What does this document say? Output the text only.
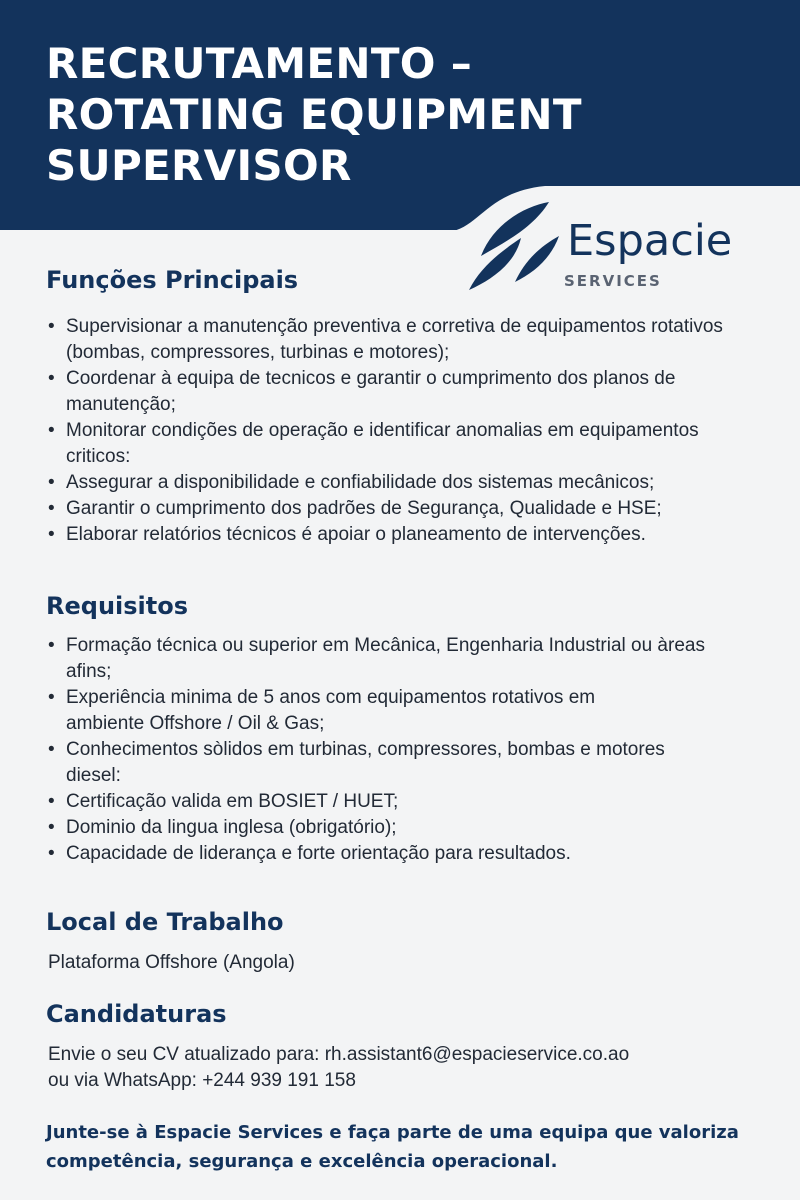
RECRUTAMENTO –
ROTATING EQUIPMENT
SUPERVISOR
Espacie
SERVICES
Funções Principais
• Supervisionar a manutenção preventiva e corretiva de equipamentos rotativos (bombas, compressores, turbinas e motores);
• Coordenar à equipa de tecnicos e garantir o cumprimento dos planos de manutenção;
• Monitorar condições de operação e identificar anomalias em equipamentos criticos:
• Assegurar a disponibilidade e confiabilidade dos sistemas mecânicos;
• Garantir o cumprimento dos padrões de Segurança, Qualidade e HSE;
• Elaborar relatórios técnicos é apoiar o planeamento de intervenções.
Requisitos
• Formação técnica ou superior em Mecânica, Engenharia Industrial ou àreas afins;
• Experiência minima de 5 anos com equipamentos rotativos em ambiente Offshore / Oil & Gas;
• Conhecimentos sòlidos em turbinas, compressores, bombas e motores diesel:
• Certificação valida em BOSIET / HUET;
• Dominio da lingua inglesa (obrigatório);
• Capacidade de liderança e forte orientação para resultados.
Local de Trabalho
Plataforma Offshore (Angola)
Candidaturas
Envie o seu CV atualizado para: rh.assistant6@espacieservice.co.ao
ou via WhatsApp: +244 939 191 158
Junte-se à Espacie Services e faça parte de uma equipa que valoriza competência, segurança e excelência operacional.
